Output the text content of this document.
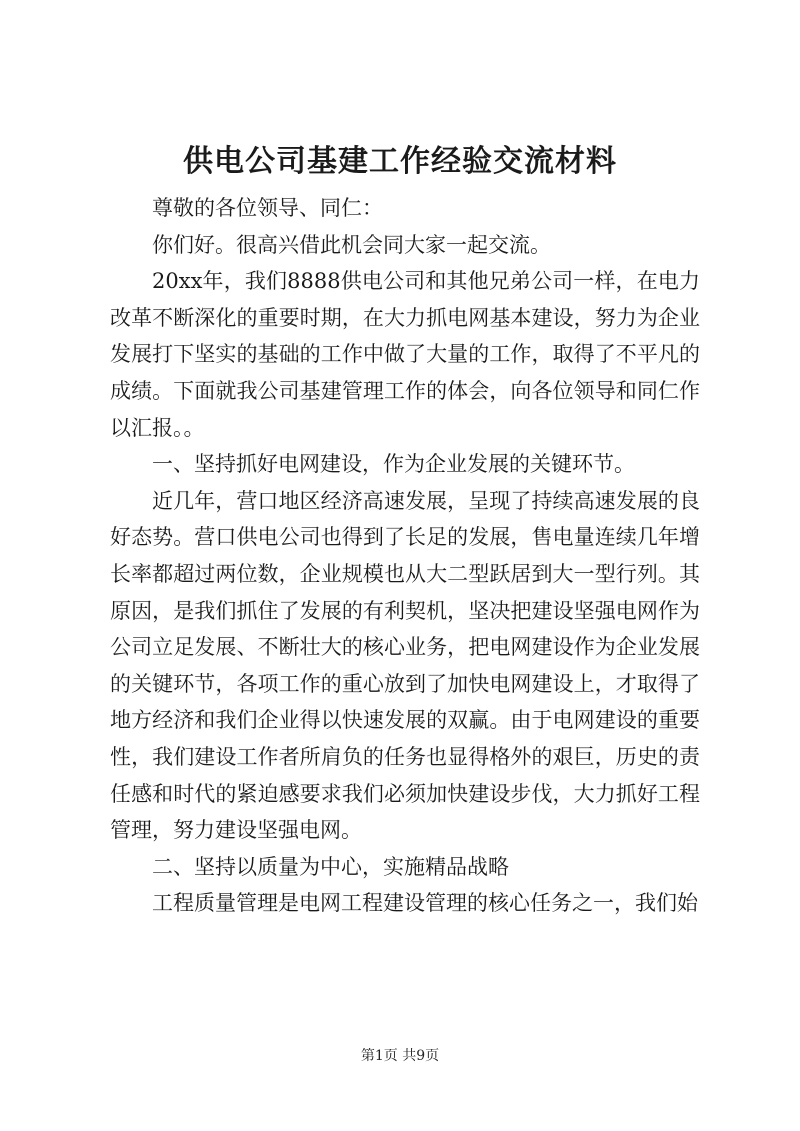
供电公司基建工作经验交流材料

尊敬的各位领导、同仁：

你们好。很高兴借此机会同大家一起交流。

20xx年，我们8888供电公司和其他兄弟公司一样，在电力改革不断深化的重要时期，在大力抓电网基本建设，努力为企业发展打下坚实的基础的工作中做了大量的工作，取得了不平凡的成绩。下面就我公司基建管理工作的体会，向各位领导和同仁作以汇报。。

一、坚持抓好电网建设，作为企业发展的关键环节。

近几年，营口地区经济高速发展，呈现了持续高速发展的良好态势。营口供电公司也得到了长足的发展，售电量连续几年增长率都超过两位数，企业规模也从大二型跃居到大一型行列。其原因，是我们抓住了发展的有利契机，坚决把建设坚强电网作为公司立足发展、不断壮大的核心业务，把电网建设作为企业发展的关键环节，各项工作的重心放到了加快电网建设上，才取得了地方经济和我们企业得以快速发展的双赢。由于电网建设的重要性，我们建设工作者所肩负的任务也显得格外的艰巨，历史的责任感和时代的紧迫感要求我们必须加快建设步伐，大力抓好工程管理，努力建设坚强电网。

二、坚持以质量为中心，实施精品战略

工程质量管理是电网工程建设管理的核心任务之一，我们始

第1页 共9页
